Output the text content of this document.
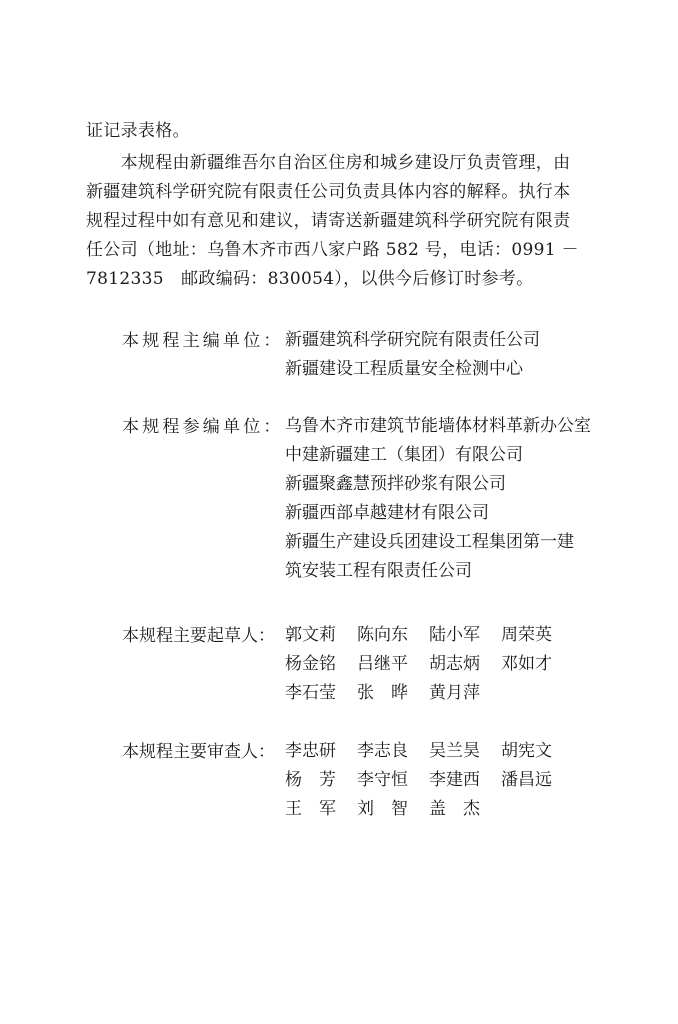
证记录表格。

　　本规程由新疆维吾尔自治区住房和城乡建设厅负责管理，由
新疆建筑科学研究院有限责任公司负责具体内容的解释。执行本
规程过程中如有意见和建议，请寄送新疆建筑科学研究院有限责
任公司（地址：乌鲁木齐市西八家户路 582 号，电话：0991 －
7812335　邮政编码：830054），以供今后修订时参考。

本规程主编单位： 新疆建筑科学研究院有限责任公司
新疆建设工程质量安全检测中心
本规程参编单位： 乌鲁木齐市建筑节能墙体材料革新办公室
中建新疆建工（集团）有限公司
新疆聚鑫慧预拌砂浆有限公司
新疆西部卓越建材有限公司
新疆生产建设兵团建设工程集团第一建
筑安装工程有限责任公司
本规程主要起草人： 郭文莉	陈向东	陆小军	周荣英
杨金铭	吕继平	胡志炳	邓如才
李石莹	张　晔	黄月萍
本规程主要审查人： 李忠研	李志良	吴兰昊	胡宪文
杨　芳	李守恒	李建西	潘昌远
王　军	刘　智	盖　杰
